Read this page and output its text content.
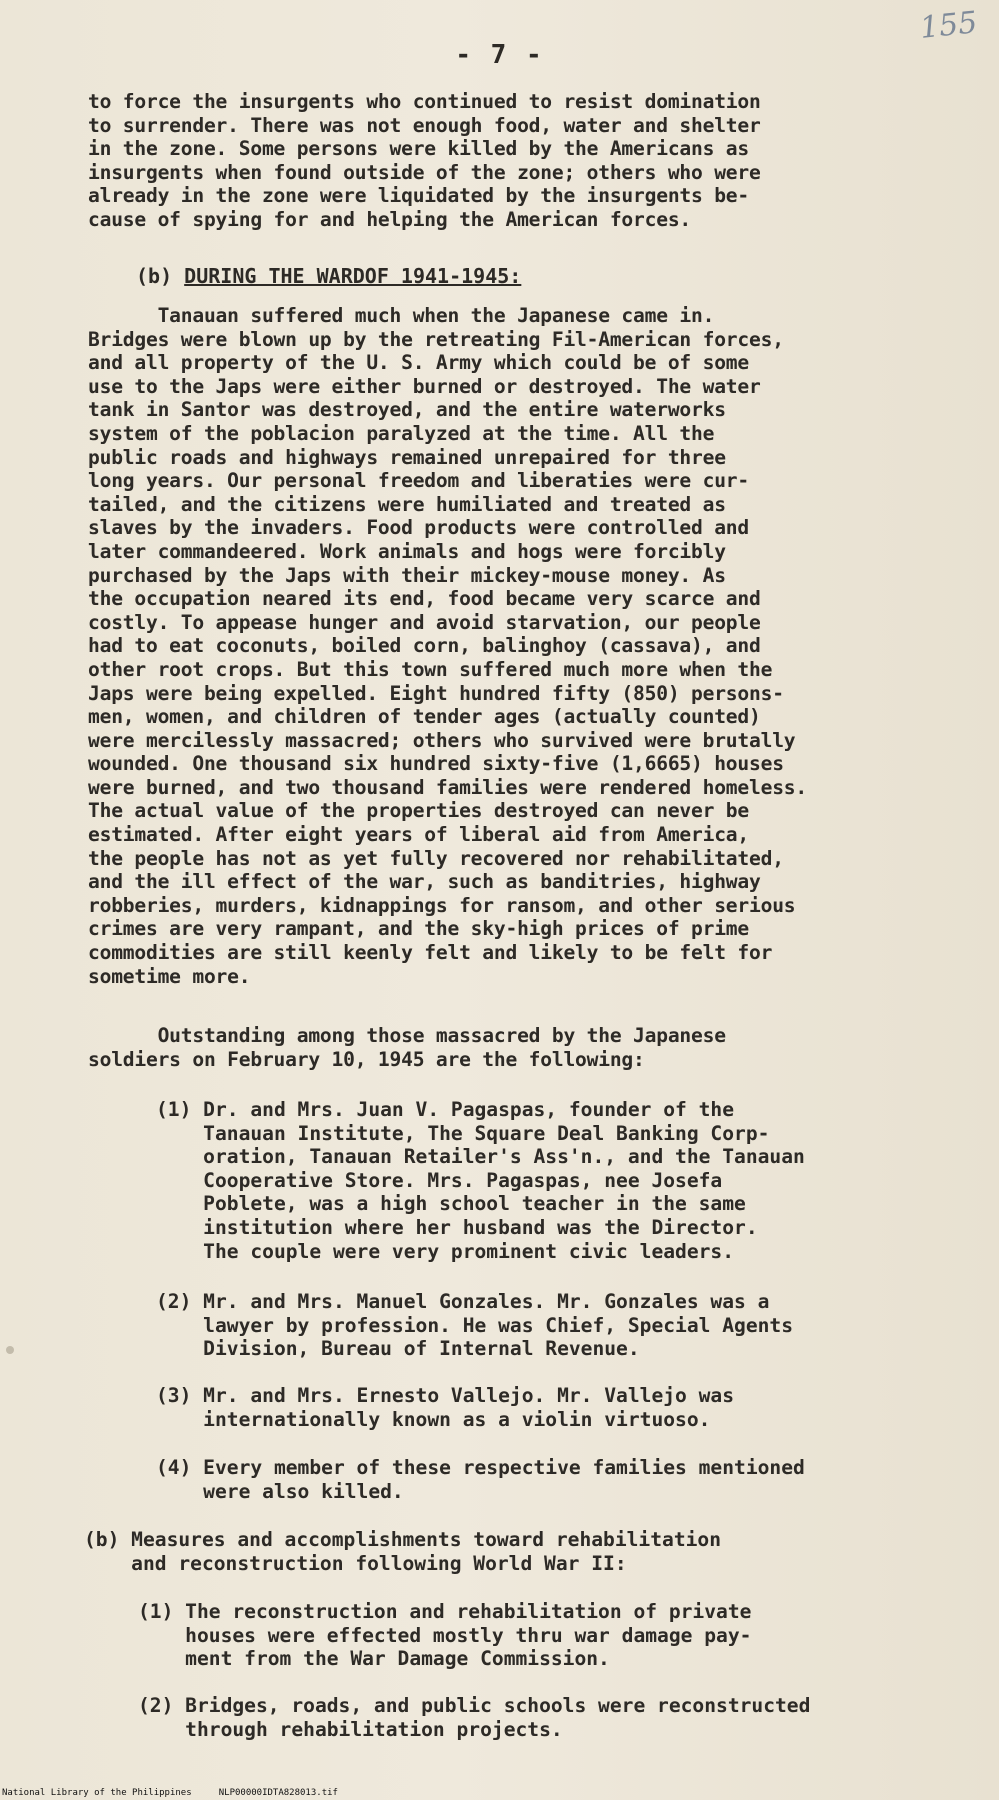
155
- 7 -
to force the insurgents who continued to resist domination
to surrender. There was not enough food, water and shelter
in the zone. Some persons were killed by the Americans as
insurgents when found outside of the zone; others who were
already in the zone were liquidated by the insurgents be-
cause of spying for and helping the American forces.
(b) DURING THE WARDOF 1941-1945:
Tanauan suffered much when the Japanese came in.
Bridges were blown up by the retreating Fil-American forces,
and all property of the U. S. Army which could be of some
use to the Japs were either burned or destroyed. The water
tank in Santor was destroyed, and the entire waterworks
system of the poblacion paralyzed at the time. All the
public roads and highways remained unrepaired for three
long years. Our personal freedom and liberaties were cur-
tailed, and the citizens were humiliated and treated as
slaves by the invaders. Food products were controlled and
later commandeered. Work animals and hogs were forcibly
purchased by the Japs with their mickey-mouse money. As
the occupation neared its end, food became very scarce and
costly. To appease hunger and avoid starvation, our people
had to eat coconuts, boiled corn, balinghoy (cassava), and
other root crops. But this town suffered much more when the
Japs were being expelled. Eight hundred fifty (850) persons-
men, women, and children of tender ages (actually counted)
were mercilessly massacred; others who survived were brutally
wounded. One thousand six hundred sixty-five (1,6665) houses
were burned, and two thousand families were rendered homeless.
The actual value of the properties destroyed can never be
estimated. After eight years of liberal aid from America,
the people has not as yet fully recovered nor rehabilitated,
and the ill effect of the war, such as banditries, highway
robberies, murders, kidnappings for ransom, and other serious
crimes are very rampant, and the sky-high prices of prime
commodities are still keenly felt and likely to be felt for
sometime more.
Outstanding among those massacred by the Japanese
soldiers on February 10, 1945 are the following:
(1) Dr. and Mrs. Juan V. Pagaspas, founder of the
Tanauan Institute, The Square Deal Banking Corp-
oration, Tanauan Retailer's Ass'n., and the Tanauan
Cooperative Store. Mrs. Pagaspas, nee Josefa
Poblete, was a high school teacher in the same
institution where her husband was the Director.
The couple were very prominent civic leaders.
(2) Mr. and Mrs. Manuel Gonzales. Mr. Gonzales was a
lawyer by profession. He was Chief, Special Agents
Division, Bureau of Internal Revenue.
(3) Mr. and Mrs. Ernesto Vallejo. Mr. Vallejo was
internationally known as a violin virtuoso.
(4) Every member of these respective families mentioned
were also killed.
(b) Measures and accomplishments toward rehabilitation
and reconstruction following World War II:
(1) The reconstruction and rehabilitation of private
houses were effected mostly thru war damage pay-
ment from the War Damage Commission.
(2) Bridges, roads, and public schools were reconstructed
through rehabilitation projects.
National Library of the Philippines     NLP00000IDTA828013.tif
